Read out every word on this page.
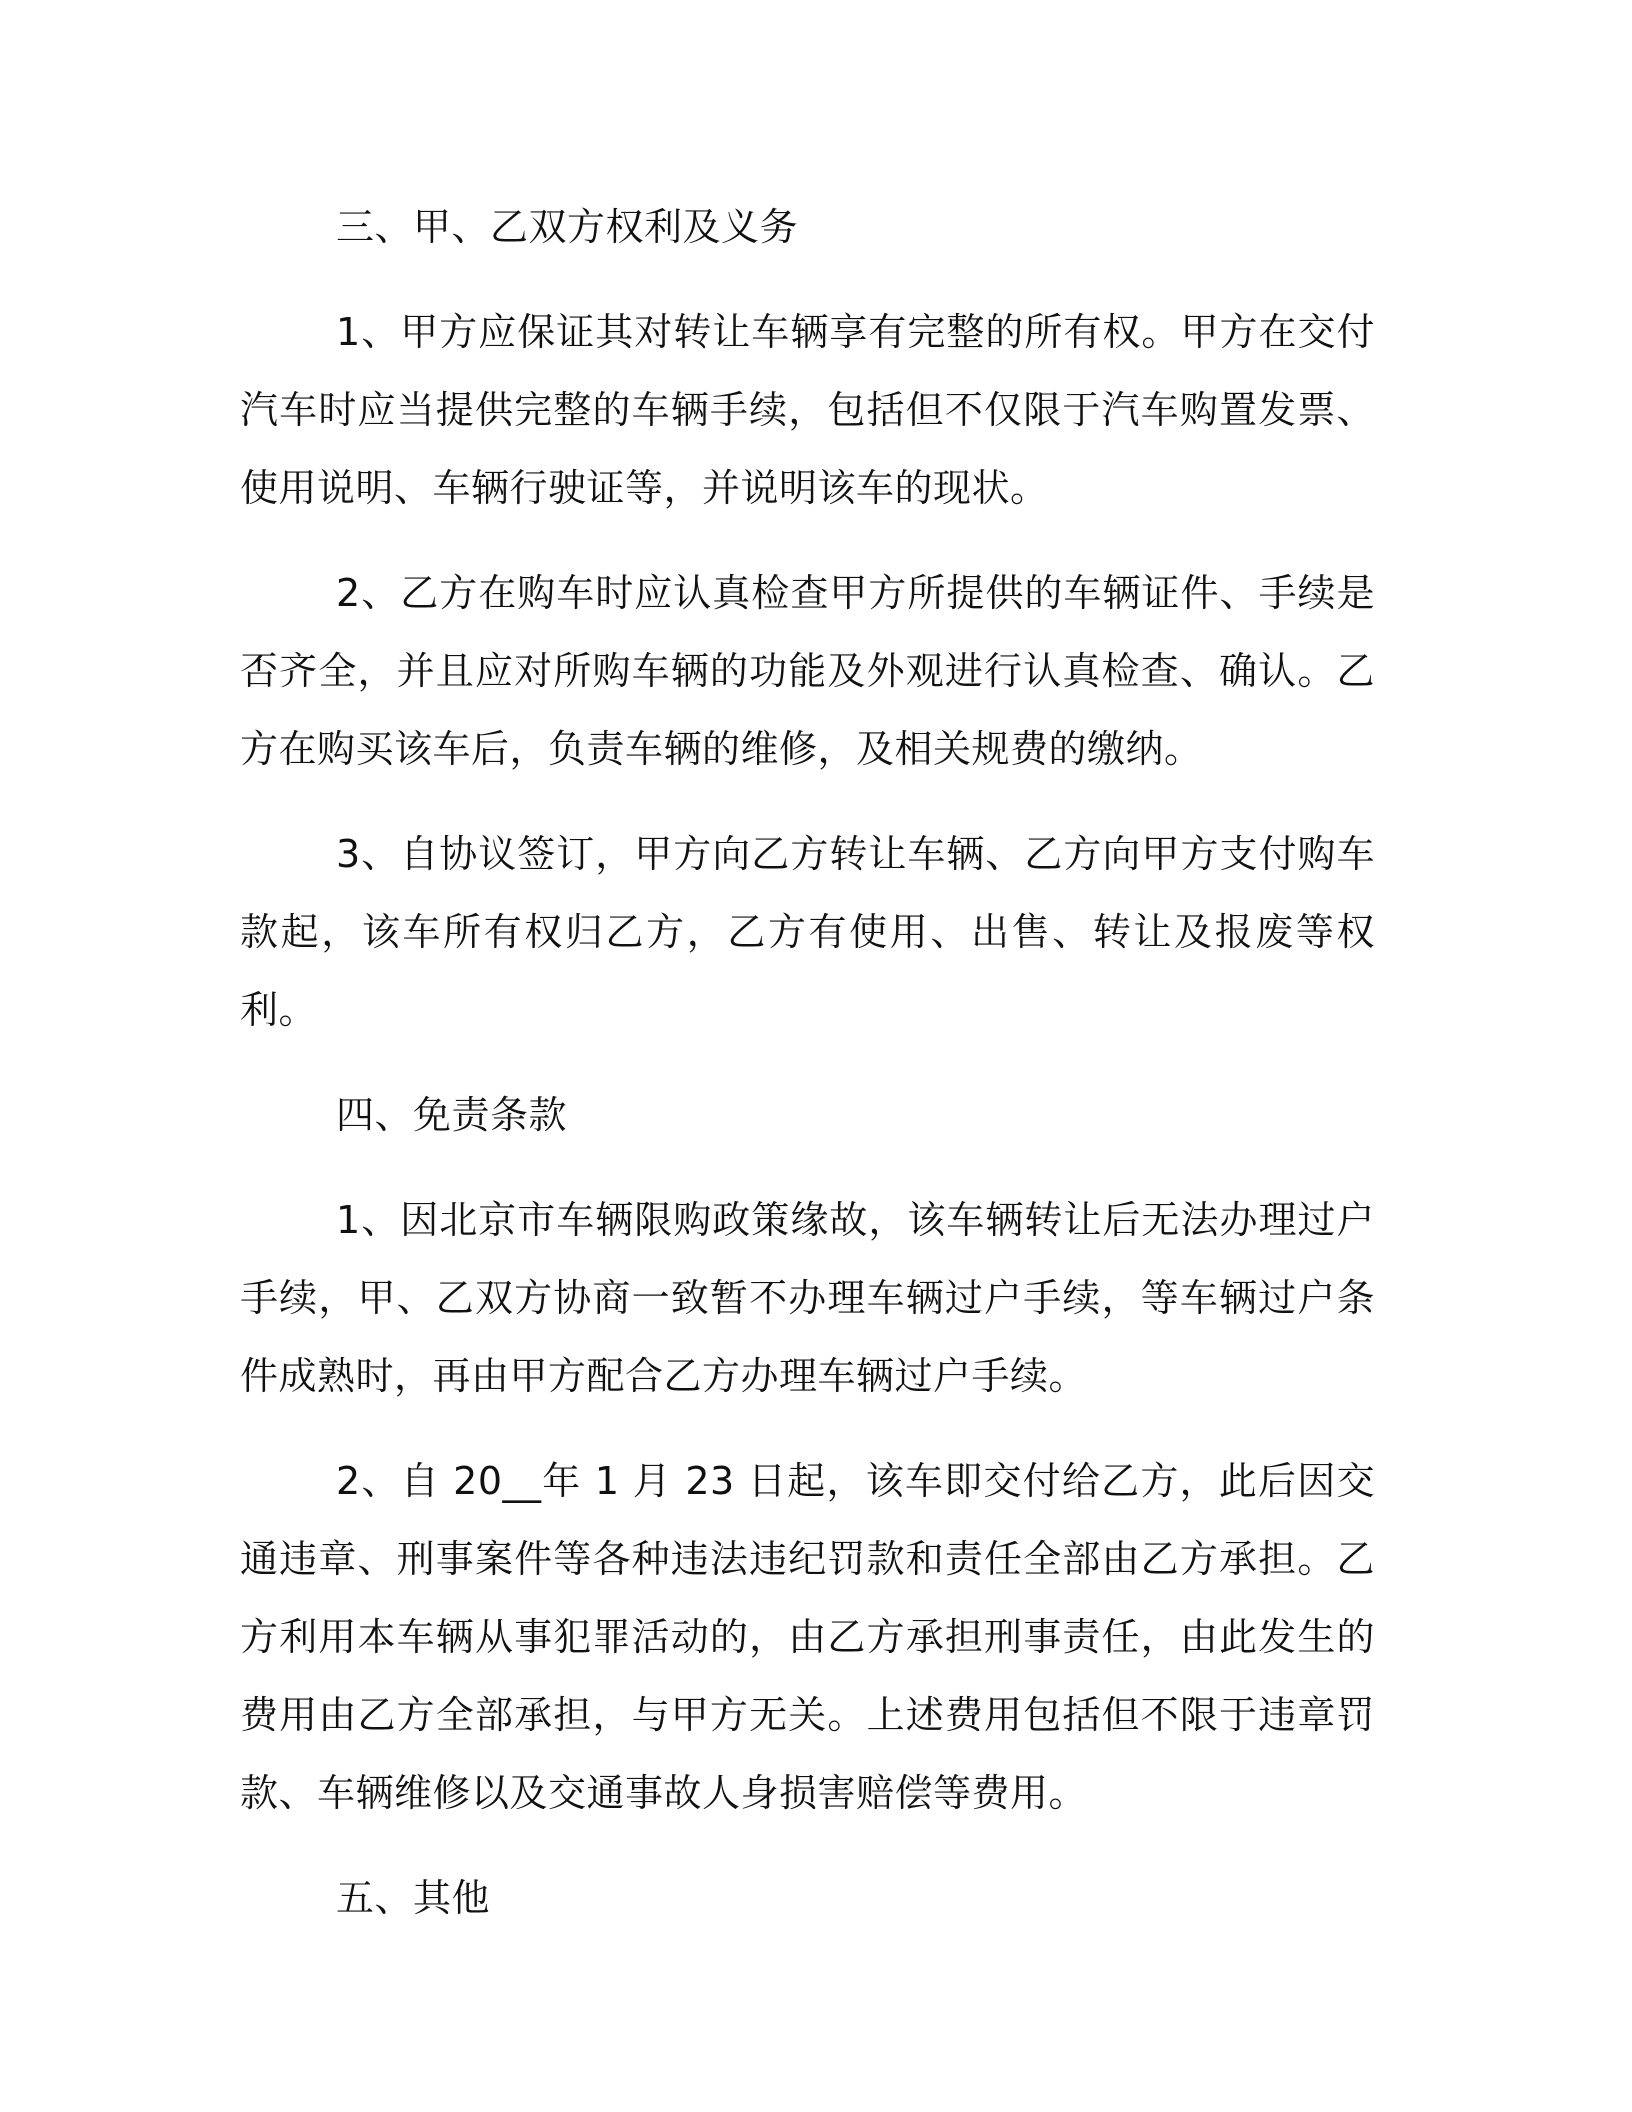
三、甲、乙双方权利及义务

1、甲方应保证其对转让车辆享有完整的所有权。甲方在交付汽车时应当提供完整的车辆手续，包括但不仅限于汽车购置发票、使用说明、车辆行驶证等，并说明该车的现状。

2、乙方在购车时应认真检查甲方所提供的车辆证件、手续是否齐全，并且应对所购车辆的功能及外观进行认真检查、确认。乙方在购买该车后，负责车辆的维修，及相关规费的缴纳。

3、自协议签订，甲方向乙方转让车辆、乙方向甲方支付购车款起，该车所有权归乙方，乙方有使用、出售、转让及报废等权利。

四、免责条款

1、因北京市车辆限购政策缘故，该车辆转让后无法办理过户手续，甲、乙双方协商一致暂不办理车辆过户手续，等车辆过户条件成熟时，再由甲方配合乙方办理车辆过户手续。

2、自 20__年 1 月 23 日起，该车即交付给乙方，此后因交通违章、刑事案件等各种违法违纪罚款和责任全部由乙方承担。乙方利用本车辆从事犯罪活动的，由乙方承担刑事责任，由此发生的费用由乙方全部承担，与甲方无关。上述费用包括但不限于违章罚款、车辆维修以及交通事故人身损害赔偿等费用。

五、其他
